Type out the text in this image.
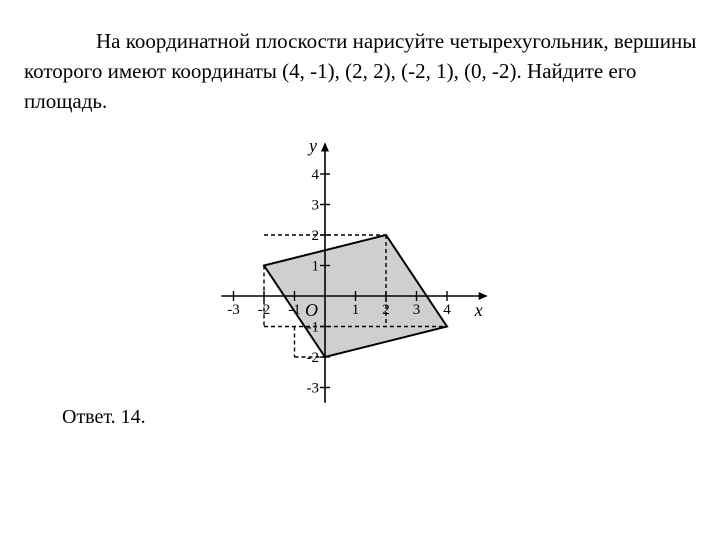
На координатной плоскости нарисуйте четырехугольник, вершины которого имеют координаты (4, -1), (2, 2), (-2, 1), (0, -2). Найдите его площадь.

-3 -2 -1	1 2 3 4
-3
-2
-1
1
2
3
4
x
y
O

Ответ. 14.
